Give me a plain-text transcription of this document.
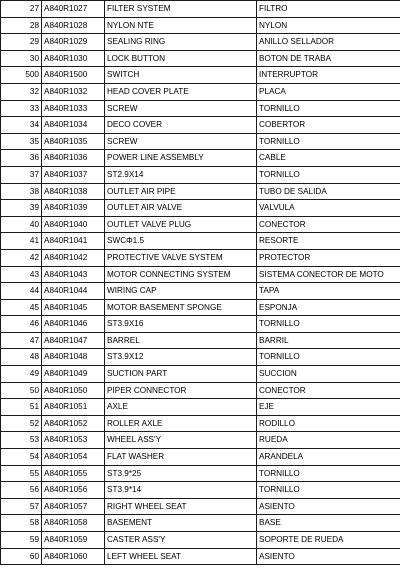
27	A840R1027	FILTER SYSTEM	FILTRO
28	A840R1028	NYLON NTE	NYLON
29	A840R1029	SEALING RING	ANILLO SELLADOR
30	A840R1030	LOCK BUTTON	BOTON DE TRABA
500	A840R1500	SWITCH	INTERRUPTOR
32	A840R1032	HEAD COVER PLATE	PLACA
33	A840R1033	SCREW	TORNILLO
34	A840R1034	DECO COVER	COBERTOR
35	A840R1035	SCREW	TORNILLO
36	A840R1036	POWER LINE ASSEMBLY	CABLE
37	A840R1037	ST2.9X14	TORNILLO
38	A840R1038	OUTLET AIR PIPE	TUBO DE SALIDA
39	A840R1039	OUTLET AIR VALVE	VALVULA
40	A840R1040	OUTLET VALVE PLUG	CONECTOR
41	A840R1041	SWCΦ1.5	RESORTE
42	A840R1042	PROTECTIVE VALVE SYSTEM	PROTECTOR
43	A840R1043	MOTOR CONNECTING SYSTEM	SISTEMA CONECTOR DE MOTO
44	A840R1044	WIRING CAP	TAPA
45	A840R1045	MOTOR BASEMENT SPONGE	ESPONJA
46	A840R1046	ST3.9X16	TORNILLO
47	A840R1047	BARREL	BARRIL
48	A840R1048	ST3.9X12	TORNILLO
49	A840R1049	SUCTION PART	SUCCION
50	A840R1050	PIPER CONNECTOR	CONECTOR
51	A840R1051	AXLE	EJE
52	A840R1052	ROLLER AXLE	RODILLO
53	A840R1053	WHEEL ASS'Y	RUEDA
54	A840R1054	FLAT WASHER	ARANDELA
55	A840R1055	ST3.9*25	TORNILLO
56	A840R1056	ST3.9*14	TORNILLO
57	A840R1057	RIGHT WHEEL SEAT	ASIENTO
58	A840R1058	BASEMENT	BASE
59	A840R1059	CASTER ASS'Y	SOPORTE DE RUEDA
60	A840R1060	LEFT WHEEL SEAT	ASIENTO
